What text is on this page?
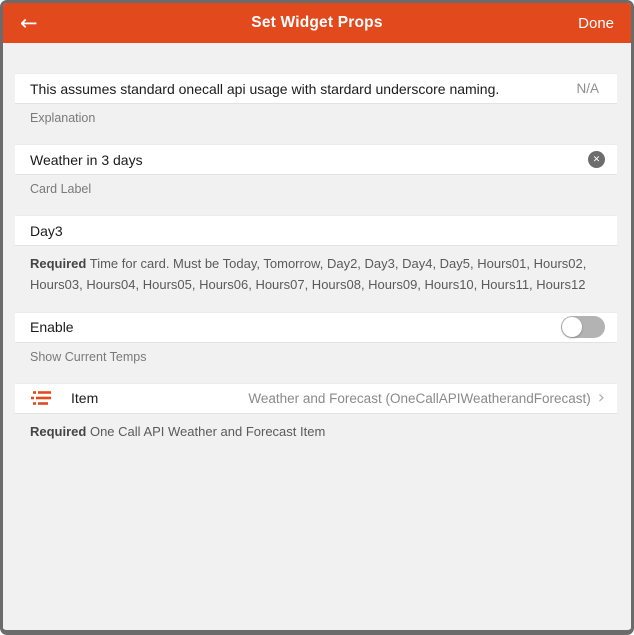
←	Set Widget Props	Done
This assumes standard onecall api usage with stardard underscore naming.	N/A
Explanation
Weather in 3 days	✕
Card Label
Day3
Required Time for card. Must be Today, Tomorrow, Day2, Day3, Day4, Day5, Hours01, Hours02, Hours03, Hours04, Hours05, Hours06, Hours07, Hours08, Hours09, Hours10, Hours11, Hours12
Enable
Show Current Temps
Item	Weather and Forecast (OneCallAPIWeatherandForecast) ›
Required One Call API Weather and Forecast Item
